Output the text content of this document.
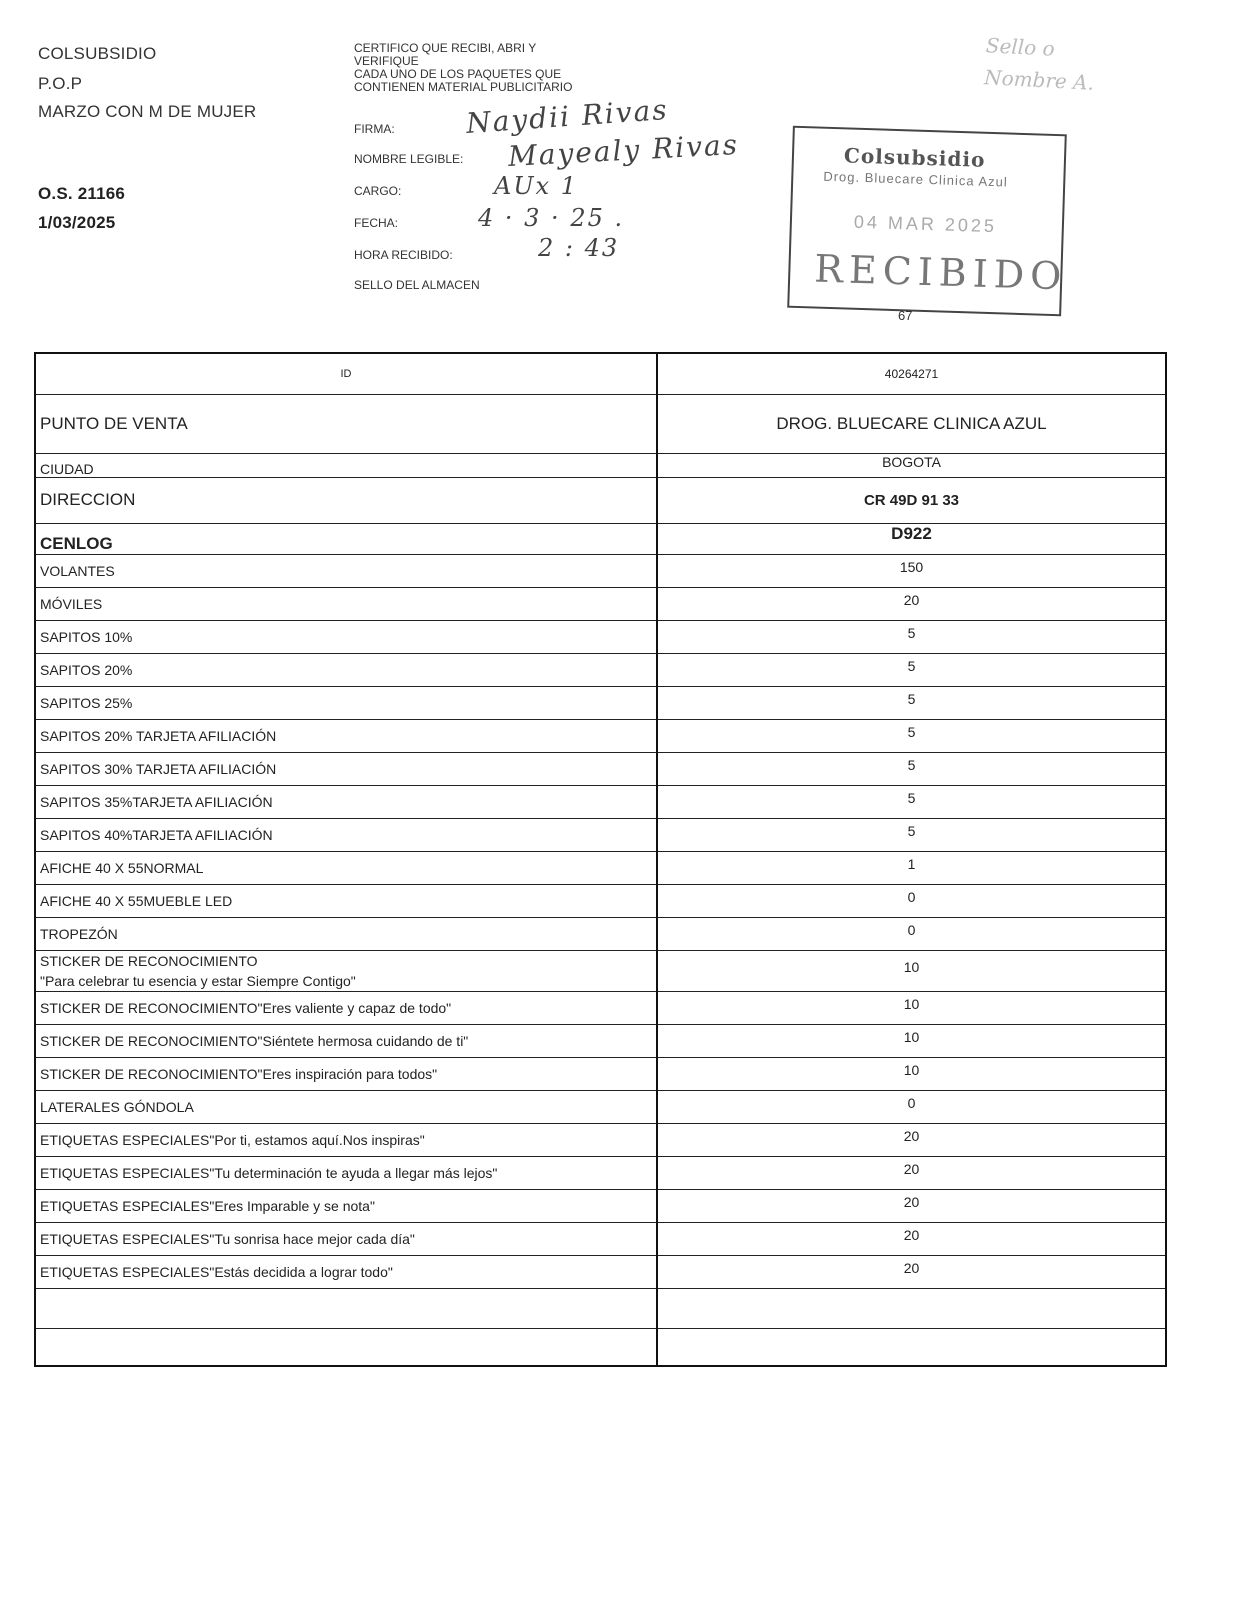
COLSUBSIDIO
P.O.P
MARZO CON M DE MUJER
O.S. 21166
1/03/2025
CERTIFICO QUE RECIBI, ABRI Y
VERIFIQUE
CADA UNO DE LOS PAQUETES QUE
CONTIENEN MATERIAL PUBLICITARIO
FIRMA:	Naydii Rivas
NOMBRE LEGIBLE: Mayealy Rivas
CARGO:	AUx 1
FECHA:	4 · 3 · 25 .
HORA RECIBIDO:	2 : 43
SELLO DEL ALMACEN
Sello o
Nombre A.
Colsubsidio
Drog. Bluecare Clinica Azul
04 MAR 2025
RECIBIDO
67
ID	40264271
PUNTO DE VENTA	DROG. BLUECARE CLINICA AZUL
CIUDAD	BOGOTA
DIRECCION	CR 49D 91 33
CENLOG	D922

VOLANTES	150

MÓVILES	20

SAPITOS 10%	5

SAPITOS 20%	5

SAPITOS 25%	5

SAPITOS 20% TARJETA AFILIACIÓN	5

SAPITOS 30% TARJETA AFILIACIÓN	5

SAPITOS 35%TARJETA AFILIACIÓN	5

SAPITOS 40%TARJETA AFILIACIÓN	5

AFICHE 40 X 55NORMAL	1

AFICHE 40 X 55MUEBLE LED	0

TROPEZÓN	0

STICKER DE RECONOCIMIENTO
"Para celebrar tu esencia y estar Siempre Contigo"	10

STICKER DE RECONOCIMIENTO"Eres valiente y capaz de todo"	10

STICKER DE RECONOCIMIENTO"Siéntete hermosa cuidando de ti"	10

STICKER DE RECONOCIMIENTO"Eres inspiración para todos"	10

LATERALES GÓNDOLA	0

ETIQUETAS ESPECIALES"Por ti, estamos aquí.Nos inspiras"	20

ETIQUETAS ESPECIALES"Tu determinación te ayuda a llegar más lejos"	20

ETIQUETAS ESPECIALES"Eres Imparable y se nota"	20

ETIQUETAS ESPECIALES"Tu sonrisa hace mejor cada día"	20

ETIQUETAS ESPECIALES"Estás decidida a lograr todo"	20
